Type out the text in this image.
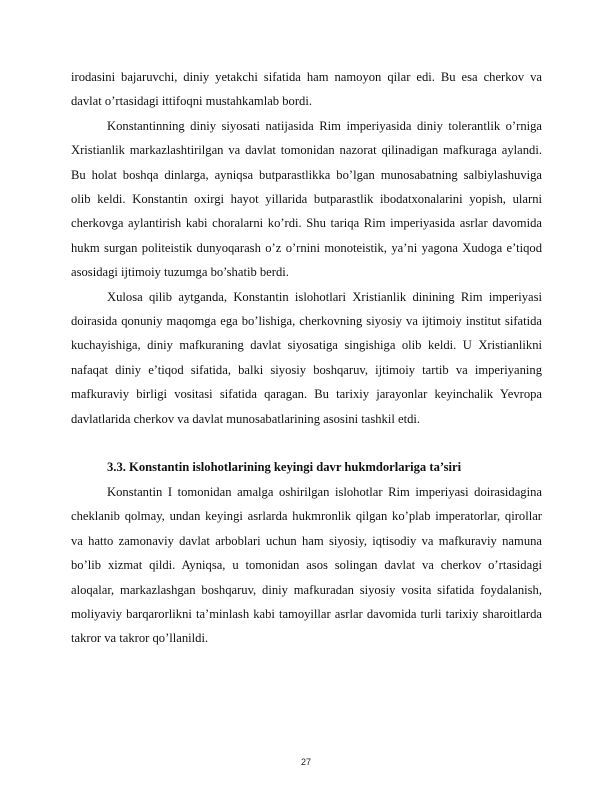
irodasini bajaruvchi, diniy yetakchi sifatida ham namoyon qilar edi. Bu esa cherkov va davlat o’rtasidagi ittifoqni mustahkamlab bordi.

Konstantinning diniy siyosati natijasida Rim imperiyasida diniy tolerantlik o’rniga Xristianlik markazlashtirilgan va davlat tomonidan nazorat qilinadigan mafkuraga aylandi. Bu holat boshqa dinlarga, ayniqsa butparastlikka bo’lgan munosabatning salbiylashuviga olib keldi. Konstantin oxirgi hayot yillarida butparastlik ibodatxonalarini yopish, ularni cherkovga aylantirish kabi choralarni ko’rdi. Shu tariqa Rim imperiyasida asrlar davomida hukm surgan politeistik dunyoqarash o’z o’rnini monoteistik, ya’ni yagona Xudoga e’tiqod asosidagi ijtimoiy tuzumga bo’shatib berdi.

Xulosa qilib aytganda, Konstantin islohotlari Xristianlik dinining Rim imperiyasi doirasida qonuniy maqomga ega bo’lishiga, cherkovning siyosiy va ijtimoiy institut sifatida kuchayishiga, diniy mafkuraning davlat siyosatiga singishiga olib keldi. U Xristianlikni nafaqat diniy e’tiqod sifatida, balki siyosiy boshqaruv, ijtimoiy tartib va imperiyaning mafkuraviy birligi vositasi sifatida qaragan. Bu tarixiy jarayonlar keyinchalik Yevropa davlatlarida cherkov va davlat munosabatlarining asosini tashkil etdi.

3.3. Konstantin islohotlarining keyingi davr hukmdorlariga ta’siri

Konstantin I tomonidan amalga oshirilgan islohotlar Rim imperiyasi doirasidagina cheklanib qolmay, undan keyingi asrlarda hukmronlik qilgan ko’plab imperatorlar, qirollar va hatto zamonaviy davlat arboblari uchun ham siyosiy, iqtisodiy va mafkuraviy namuna bo’lib xizmat qildi. Ayniqsa, u tomonidan asos solingan davlat va cherkov o’rtasidagi aloqalar, markazlashgan boshqaruv, diniy mafkuradan siyosiy vosita sifatida foydalanish, moliyaviy barqarorlikni ta’minlash kabi tamoyillar asrlar davomida turli tarixiy sharoitlarda takror va takror qo’llanildi.

27
